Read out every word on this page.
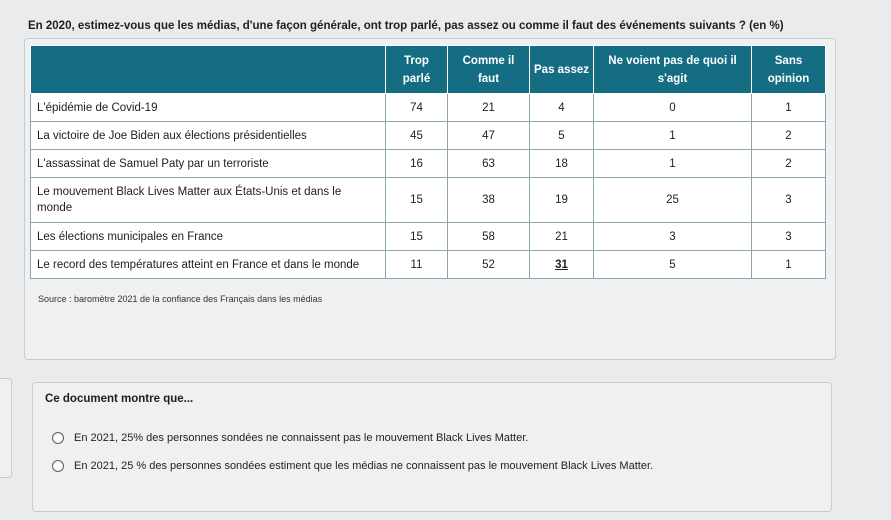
En 2020, estimez-vous que les médias, d'une façon générale, ont trop parlé, pas assez ou comme il faut des événements suivants ? (en %)
	Trop parlé	Comme il faut	Pas assez	Ne voient pas de quoi il s'agit	Sans opinion
L'épidémie de Covid-19	74	21	4	0	1
La victoire de Joe Biden aux élections présidentielles	45	47	5	1	2
L'assassinat de Samuel Paty par un terroriste	16	63	18	1	2
Le mouvement Black Lives Matter aux États-Unis et dans le monde	15	38	19	25	3
Les élections municipales en France	15	58	21	3	3
Le record des températures atteint en France et dans le monde	11	52	31	5	1
Source : baromètre 2021 de la confiance des Français dans les médias
Ce document montre que...
En 2021, 25% des personnes sondées ne connaissent pas le mouvement Black Lives Matter.
En 2021, 25 % des personnes sondées estiment que les médias ne connaissent pas le mouvement Black Lives Matter.
